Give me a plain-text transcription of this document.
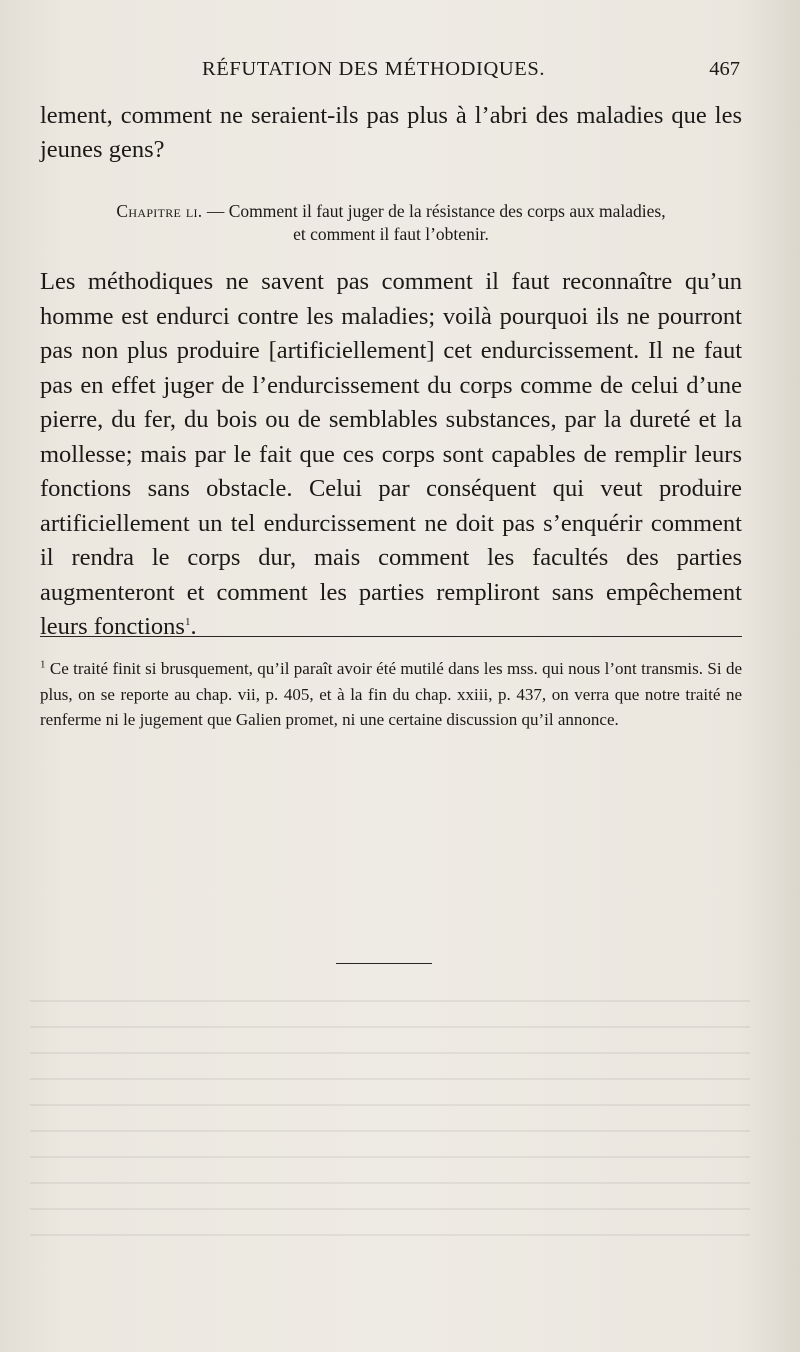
RÉFUTATION DES MÉTHODIQUES.	467

lement, comment ne seraient-ils pas plus à l’abri des maladies que les jeunes gens?

Chapitre li. — Comment il faut juger de la résistance des corps aux maladies,
et comment il faut l’obtenir.

Les méthodiques ne savent pas comment il faut reconnaître qu’un homme est endurci contre les maladies; voilà pourquoi ils ne pourront pas non plus produire [artificiellement] cet endurcissement. Il ne faut pas en effet juger de l’endurcissement du corps comme de celui d’une pierre, du fer, du bois ou de semblables substances, par la dureté et la mollesse; mais par le fait que ces corps sont capables de remplir leurs fonctions sans obstacle. Celui par conséquent qui veut produire artificiellement un tel endurcissement ne doit pas s’enquérir comment il rendra le corps dur, mais comment les facultés des parties augmenteront et comment les parties rempliront sans empêchement leurs fonctions$^1$.

$^1$ Ce traité finit si brusquement, qu’il paraît avoir été mutilé dans les mss. qui nous l’ont transmis. Si de plus, on se reporte au chap. vii, p. 405, et à la fin du chap. xxiii, p. 437, on verra que notre traité ne renferme ni le jugement que Galien promet, ni une certaine discussion qu’il annonce.
